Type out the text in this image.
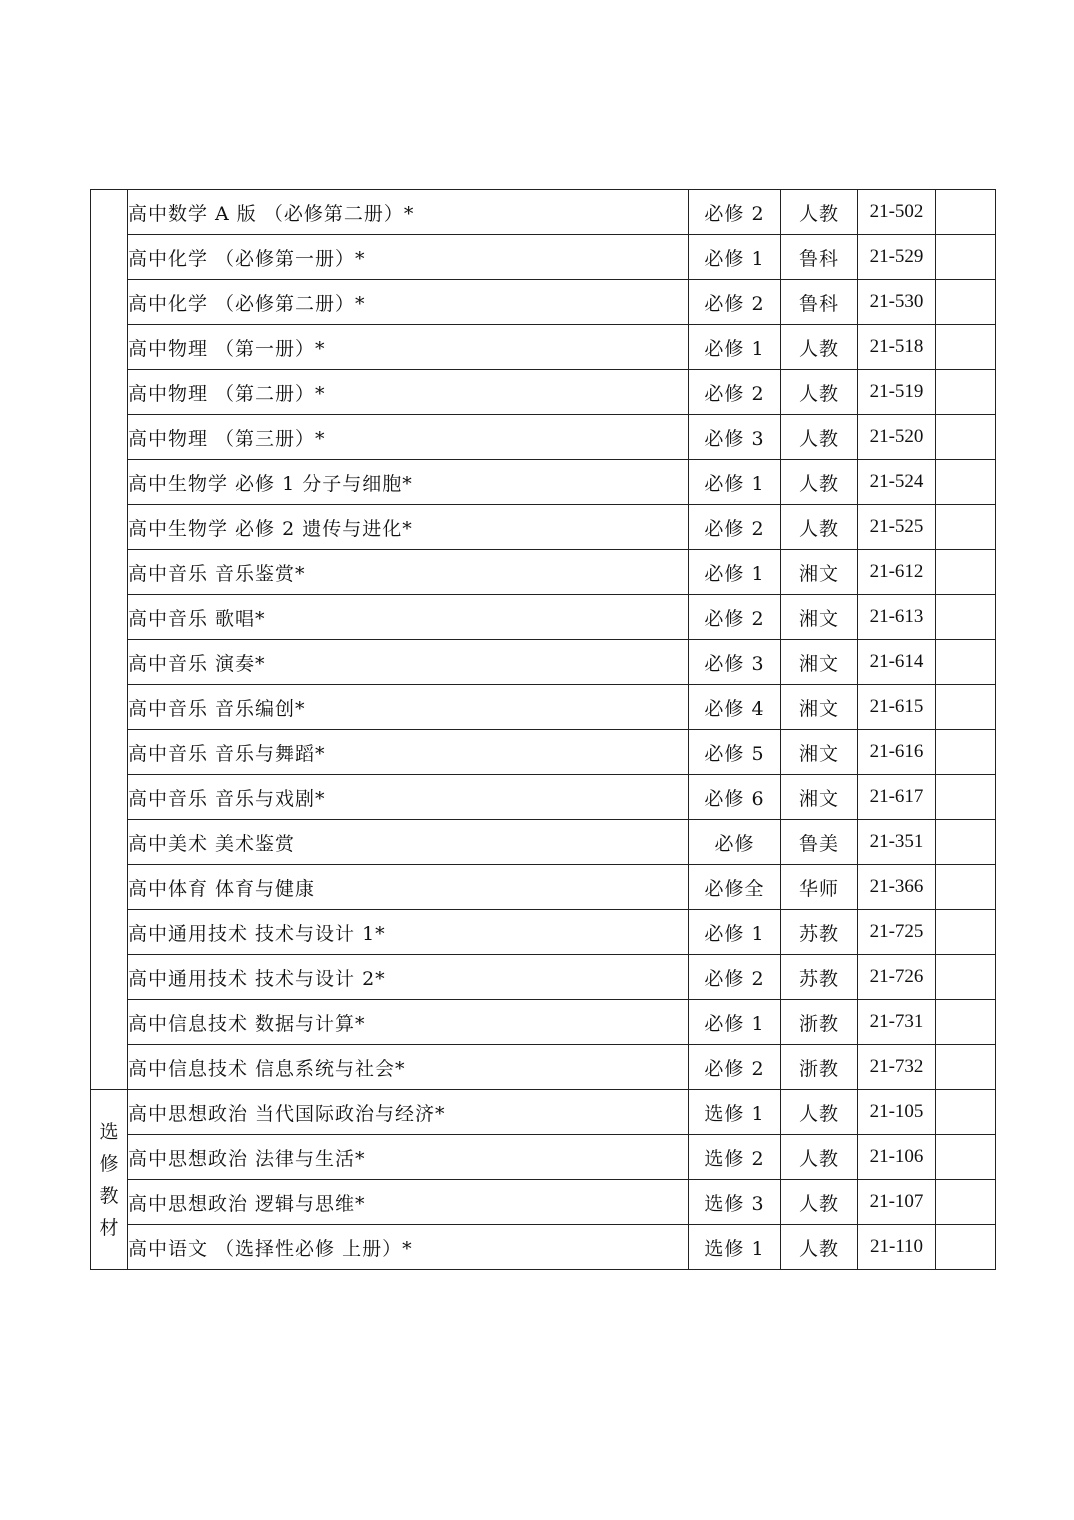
	高中数学 A 版 （必修第二册）*	必修 2	人教	21-502	
	高中化学 （必修第一册）*	必修 1	鲁科	21-529	
	高中化学 （必修第二册）*	必修 2	鲁科	21-530	
	高中物理 （第一册）*	必修 1	人教	21-518	
	高中物理 （第二册）*	必修 2	人教	21-519	
	高中物理 （第三册）*	必修 3	人教	21-520	
	高中生物学 必修 1 分子与细胞*	必修 1	人教	21-524	
	高中生物学 必修 2 遗传与进化*	必修 2	人教	21-525	
	高中音乐 音乐鉴赏*	必修 1	湘文	21-612	
	高中音乐 歌唱*	必修 2	湘文	21-613	
	高中音乐 演奏*	必修 3	湘文	21-614	
	高中音乐 音乐编创*	必修 4	湘文	21-615	
	高中音乐 音乐与舞蹈*	必修 5	湘文	21-616	
	高中音乐 音乐与戏剧*	必修 6	湘文	21-617	
	高中美术 美术鉴赏	必修	鲁美	21-351	
	高中体育 体育与健康	必修全	华师	21-366	
	高中通用技术 技术与设计 1*	必修 1	苏教	21-725	
	高中通用技术 技术与设计 2*	必修 2	苏教	21-726	
	高中信息技术 数据与计算*	必修 1	浙教	21-731	
	高中信息技术 信息系统与社会*	必修 2	浙教	21-732	

选
修
教
材	高中思想政治 当代国际政治与经济*	选修 1	人教	21-105	
	高中思想政治 法律与生活*	选修 2	人教	21-106	
	高中思想政治 逻辑与思维*	选修 3	人教	21-107	
	高中语文 （选择性必修 上册）*	选修 1	人教	21-110	
